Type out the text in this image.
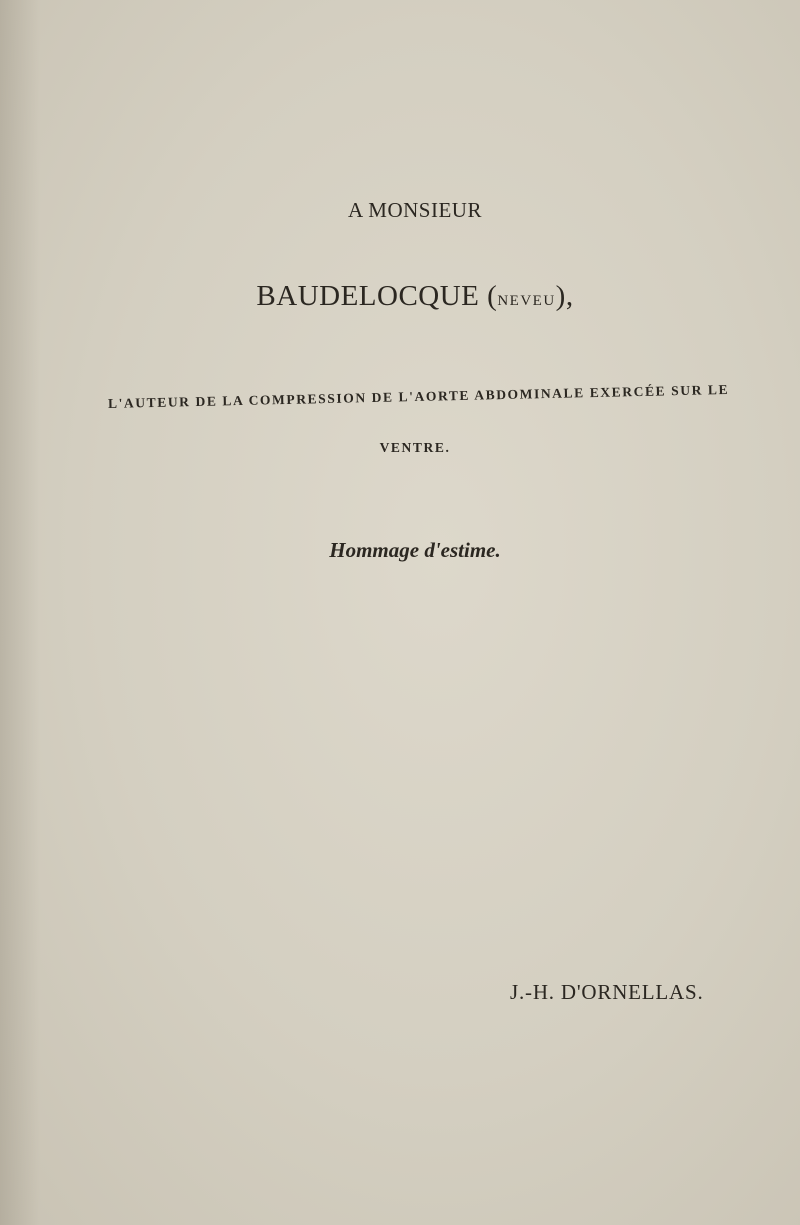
A MONSIEUR
BAUDELOCQUE (NEVEU),
L'AUTEUR DE LA COMPRESSION DE L'AORTE ABDOMINALE EXERCÉE SUR LE
VENTRE.
Hommage d'estime.
J.-H. D'ORNELLAS.
